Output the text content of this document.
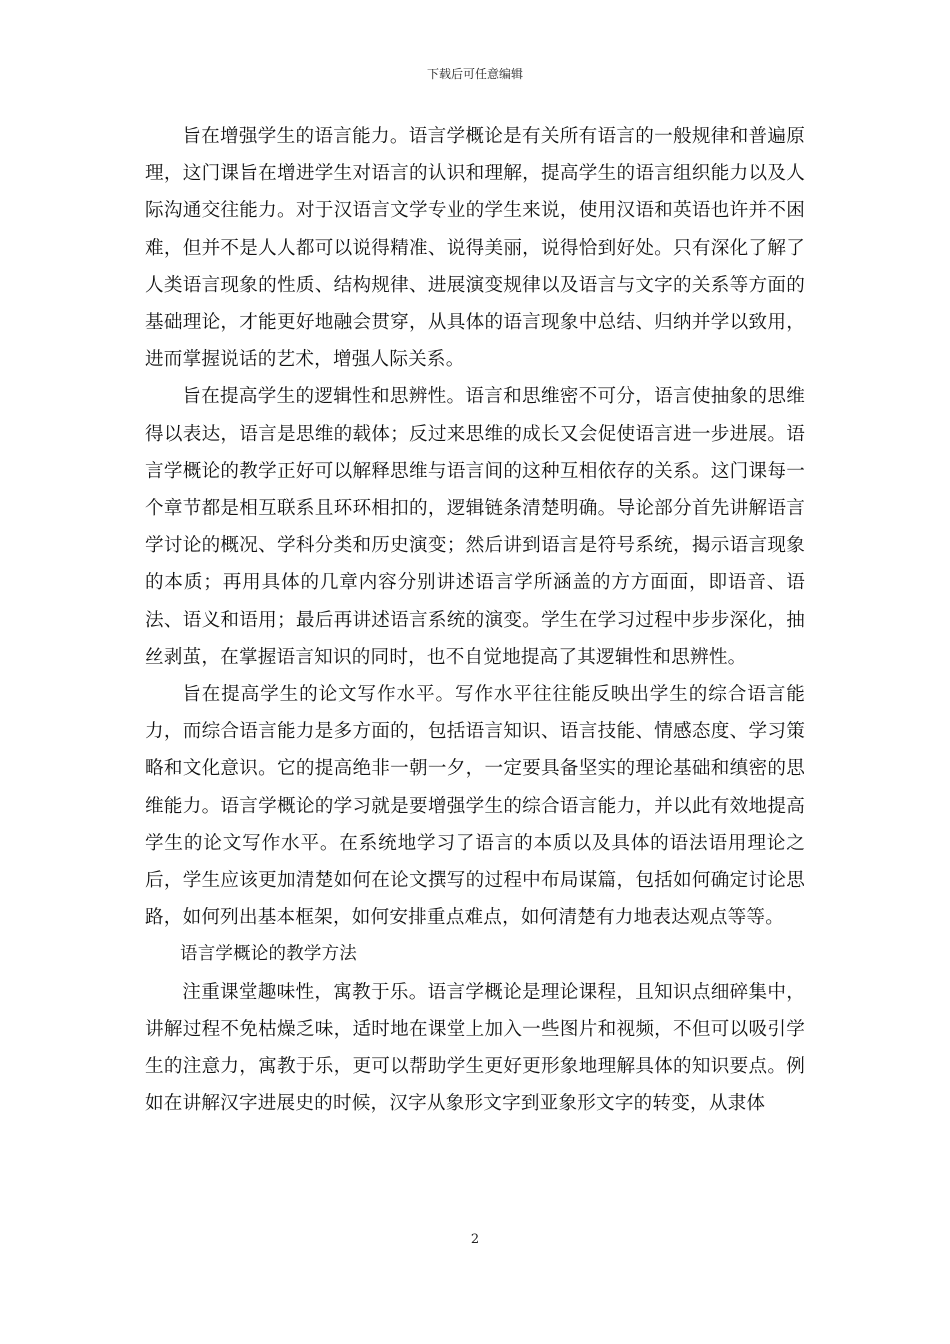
下载后可任意编辑

旨在增强学生的语言能力。语言学概论是有关所有语言的一般规律和普遍原理，这门课旨在增进学生对语言的认识和理解，提高学生的语言组织能力以及人际沟通交往能力。对于汉语言文学专业的学生来说，使用汉语和英语也许并不困难，但并不是人人都可以说得精准、说得美丽，说得恰到好处。只有深化了解了人类语言现象的性质、结构规律、进展演变规律以及语言与文字的关系等方面的基础理论，才能更好地融会贯穿，从具体的语言现象中总结、归纳并学以致用，进而掌握说话的艺术，增强人际关系。

旨在提高学生的逻辑性和思辨性。语言和思维密不可分，语言使抽象的思维得以表达，语言是思维的载体；反过来思维的成长又会促使语言进一步进展。语言学概论的教学正好可以解释思维与语言间的这种互相依存的关系。这门课每一个章节都是相互联系且环环相扣的，逻辑链条清楚明确。导论部分首先讲解语言学讨论的概况、学科分类和历史演变；然后讲到语言是符号系统，揭示语言现象的本质；再用具体的几章内容分别讲述语言学所涵盖的方方面面，即语音、语法、语义和语用；最后再讲述语言系统的演变。学生在学习过程中步步深化，抽丝剥茧，在掌握语言知识的同时，也不自觉地提高了其逻辑性和思辨性。

旨在提高学生的论文写作水平。写作水平往往能反映出学生的综合语言能力，而综合语言能力是多方面的，包括语言知识、语言技能、情感态度、学习策略和文化意识。它的提高绝非一朝一夕，一定要具备坚实的理论基础和缜密的思维能力。语言学概论的学习就是要增强学生的综合语言能力，并以此有效地提高学生的论文写作水平。在系统地学习了语言的本质以及具体的语法语用理论之后，学生应该更加清楚如何在论文撰写的过程中布局谋篇，包括如何确定讨论思路，如何列出基本框架，如何安排重点难点，如何清楚有力地表达观点等等。

语言学概论的教学方法

注重课堂趣味性，寓教于乐。语言学概论是理论课程，且知识点细碎集中，讲解过程不免枯燥乏味，适时地在课堂上加入一些图片和视频，不但可以吸引学生的注意力，寓教于乐，更可以帮助学生更好更形象地理解具体的知识要点。例如在讲解汉字进展史的时候，汉字从象形文字到亚象形文字的转变，从隶体

2
